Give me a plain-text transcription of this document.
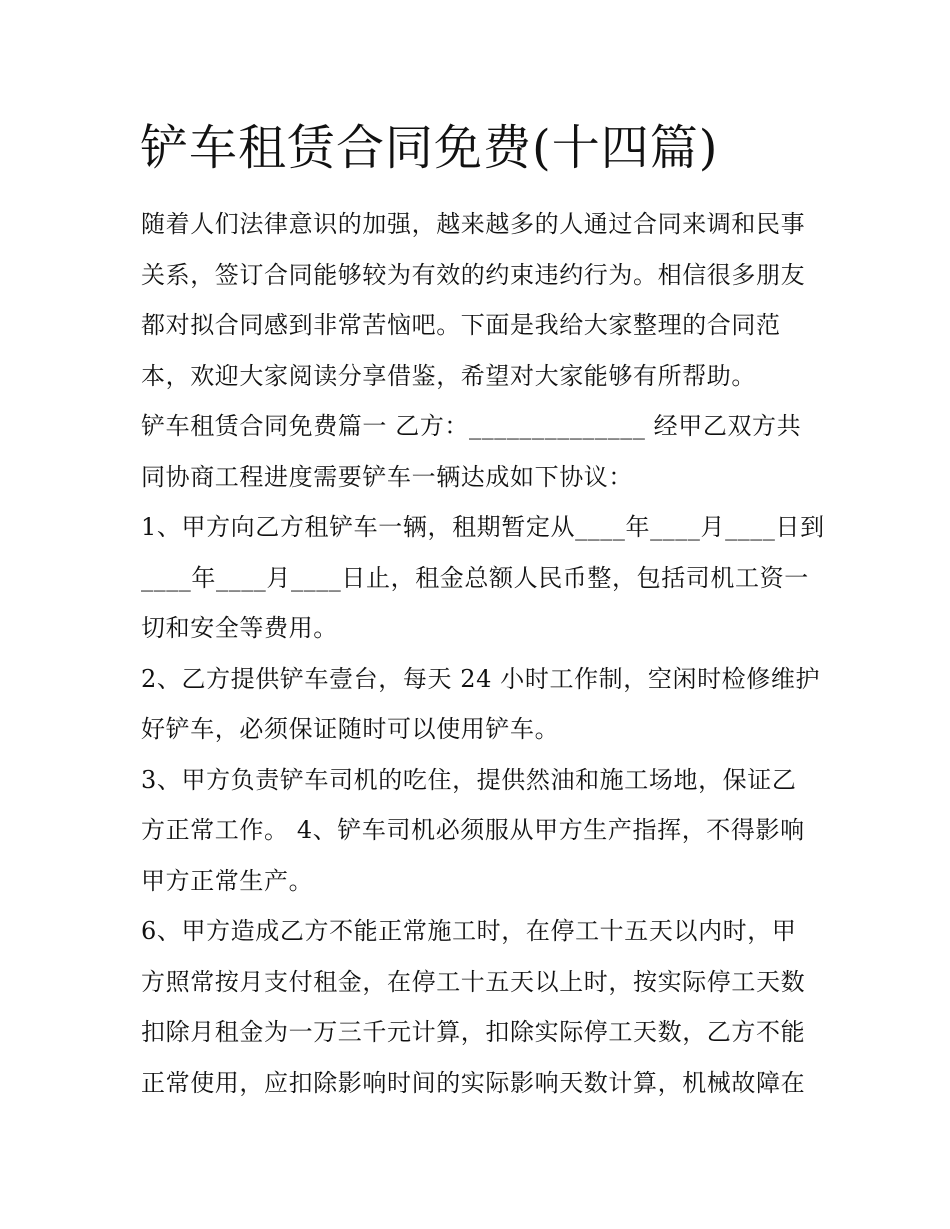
铲车租赁合同免费(十四篇)
随着人们法律意识的加强，越来越多的人通过合同来调和民事
关系，签订合同能够较为有效的约束违约行为。相信很多朋友
都对拟合同感到非常苦恼吧。下面是我给大家整理的合同范
本，欢迎大家阅读分享借鉴，希望对大家能够有所帮助。
铲车租赁合同免费篇一 乙方：______________ 经甲乙双方共
同协商工程进度需要铲车一辆达成如下协议：
1、甲方向乙方租铲车一辆，租期暂定从____年____月____日到
____年____月____日止，租金总额人民币整，包括司机工资一
切和安全等费用。
2、乙方提供铲车壹台，每天 24 小时工作制，空闲时检修维护
好铲车，必须保证随时可以使用铲车。
3、甲方负责铲车司机的吃住，提供然油和施工场地，保证乙
方正常工作。 4、铲车司机必须服从甲方生产指挥，不得影响
甲方正常生产。
6、甲方造成乙方不能正常施工时，在停工十五天以内时，甲
方照常按月支付租金，在停工十五天以上时，按实际停工天数
扣除月租金为一万三千元计算，扣除实际停工天数，乙方不能
正常使用，应扣除影响时间的实际影响天数计算，机械故障在
